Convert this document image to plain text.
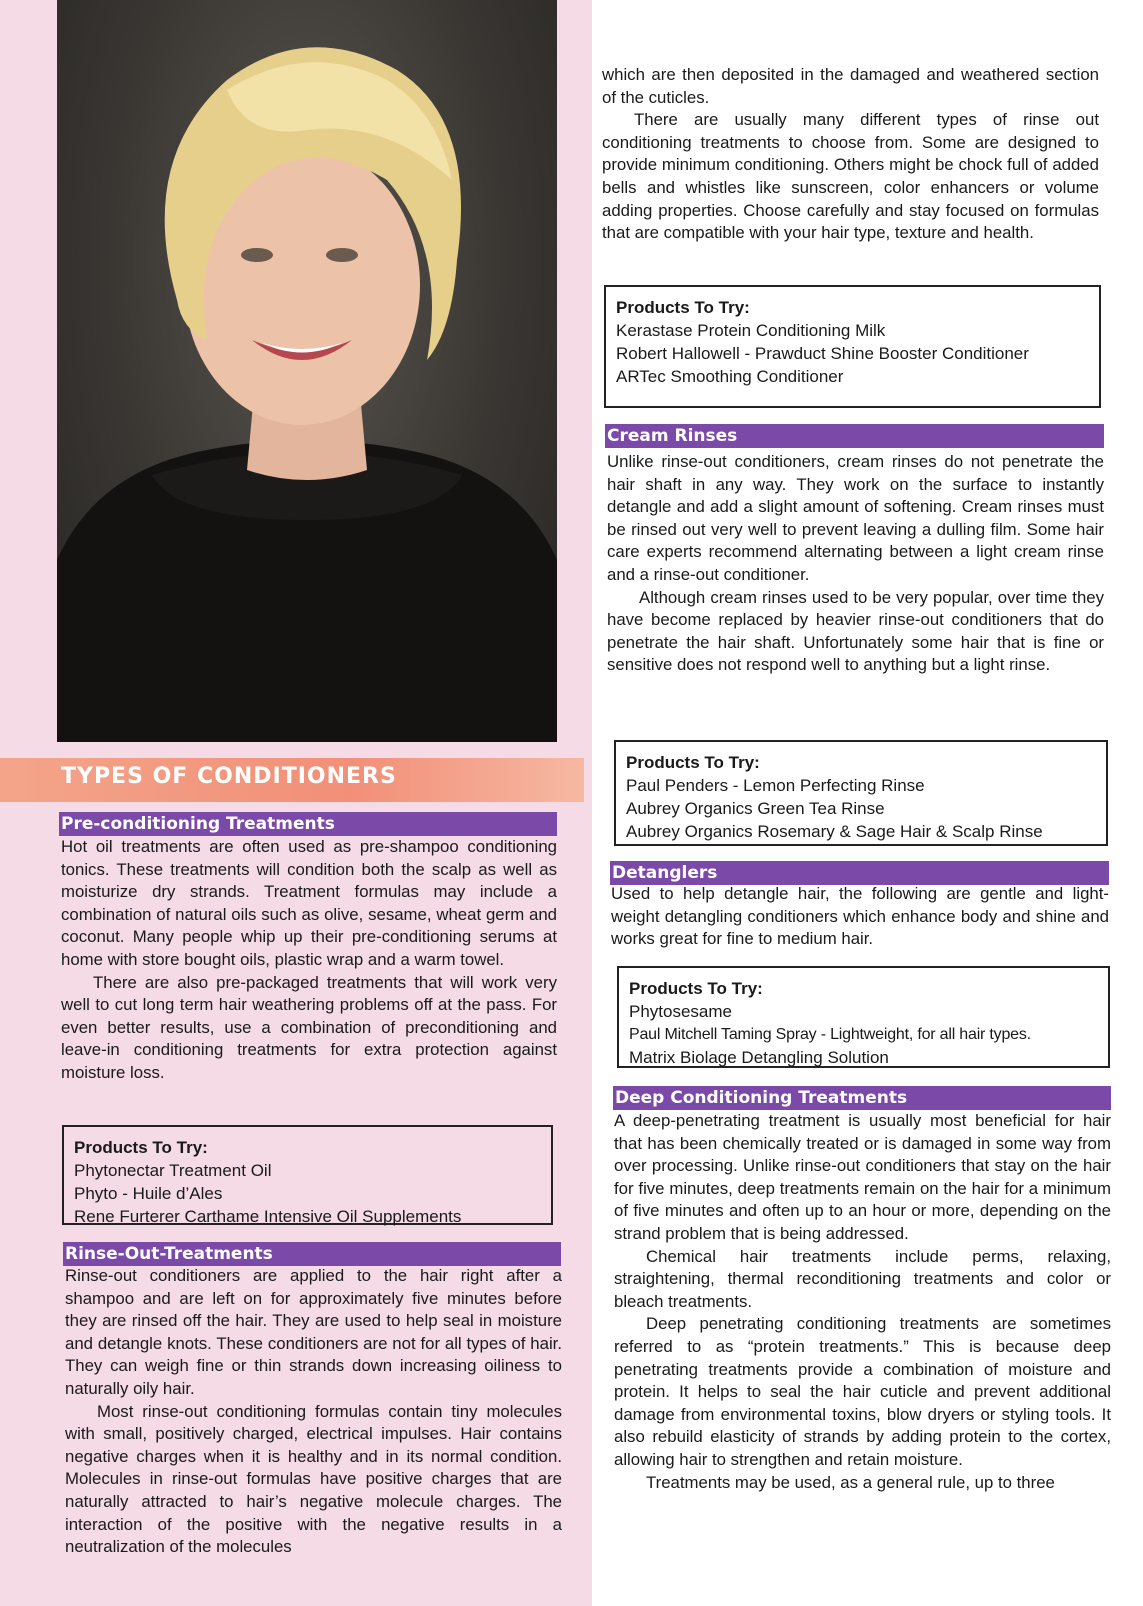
TYPES OF CONDITIONERS
Pre-conditioning Treatments

Hot oil treatments are often used as pre-shampoo conditioning tonics. These treatments will condition both the scalp as well as moisturize dry strands. Treatment formulas may include a combination of natural oils such as olive, sesame, wheat germ and coconut. Many people whip up their pre-conditioning serums at home with store bought oils, plastic wrap and a warm towel.

There are also pre-packaged treatments that will work very well to cut long term hair weathering problems off at the pass. For even better results, use a combination of preconditioning and leave-in conditioning treatments for extra protection against moisture loss.

Products To Try:
Phytonectar Treatment Oil
Phyto - Huile d’Ales
Rene Furterer Carthame Intensive Oil Supplements
Rinse-Out-Treatments

Rinse-out conditioners are applied to the hair right after a shampoo and are left on for approximately five minutes before they are rinsed off the hair. They are used to help seal in moisture and detangle knots. These conditioners are not for all types of hair. They can weigh fine or thin strands down increasing oiliness to naturally oily hair.

Most rinse-out conditioning formulas contain tiny molecules with small, positively charged, electrical impulses. Hair contains negative charges when it is healthy and in its normal condition. Molecules in rinse-out formulas have positive charges that are naturally attracted to hair’s negative molecule charges. The interaction of the positive with the negative results in a neutralization of the molecules

which are then deposited in the damaged and weathered section of the cuticles.

There are usually many different types of rinse out conditioning treatments to choose from. Some are designed to provide minimum conditioning. Others might be chock full of added bells and whistles like sunscreen, color enhancers or volume adding properties. Choose carefully and stay focused on formulas that are compatible with your hair type, texture and health.

Products To Try:
Kerastase Protein Conditioning Milk
Robert Hallowell - Prawduct Shine Booster Conditioner
ARTec Smoothing Conditioner
Cream Rinses

Unlike rinse-out conditioners, cream rinses do not penetrate the hair shaft in any way. They work on the surface to instantly detangle and add a slight amount of softening. Cream rinses must be rinsed out very well to prevent leaving a dulling film. Some hair care experts recommend alternating between a light cream rinse and a rinse-out conditioner.

Although cream rinses used to be very popular, over time they have become replaced by heavier rinse-out conditioners that do penetrate the hair shaft. Unfortunately some hair that is fine or sensitive does not respond well to anything but a light rinse.

Products To Try:
Paul Penders - Lemon Perfecting Rinse
Aubrey Organics Green Tea Rinse
Aubrey Organics Rosemary & Sage Hair & Scalp Rinse
Detanglers

Used to help detangle hair, the following are gentle and light-weight detangling conditioners which enhance body and shine and works great for fine to medium hair.

Products To Try:
Phytosesame
Paul Mitchell Taming Spray - Lightweight, for all hair types.
Matrix Biolage Detangling Solution
Deep Conditioning Treatments

A deep-penetrating treatment is usually most beneficial for hair that has been chemically treated or is damaged in some way from over processing. Unlike rinse-out conditioners that stay on the hair for five minutes, deep treatments remain on the hair for a minimum of five minutes and often up to an hour or more, depending on the strand problem that is being addressed.

Chemical hair treatments include perms, relaxing, straightening, thermal reconditioning treatments and color or bleach treatments.

Deep penetrating conditioning treatments are sometimes referred to as “protein treatments.” This is because deep penetrating treatments provide a combination of moisture and protein. It helps to seal the hair cuticle and prevent additional damage from environmental toxins, blow dryers or styling tools. It also rebuild elasticity of strands by adding protein to the cortex, allowing hair to strengthen and retain moisture.

Treatments may be used, as a general rule, up to three
